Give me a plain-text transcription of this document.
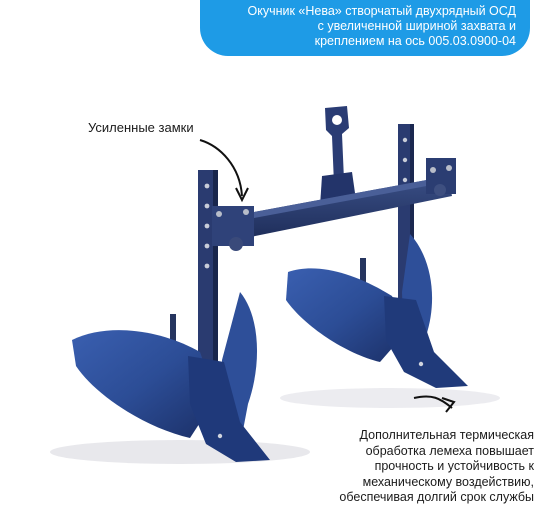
Окучник «Нева» створчатый двухрядный ОСД
с увеличенной шириной захвата и
креплением на ось 005.03.0900-04
Усиленные замки
Дополнительная термическая
обработка лемеха повышает
прочность и устойчивость к
механическому воздействию,
обеспечивая долгий срок службы
